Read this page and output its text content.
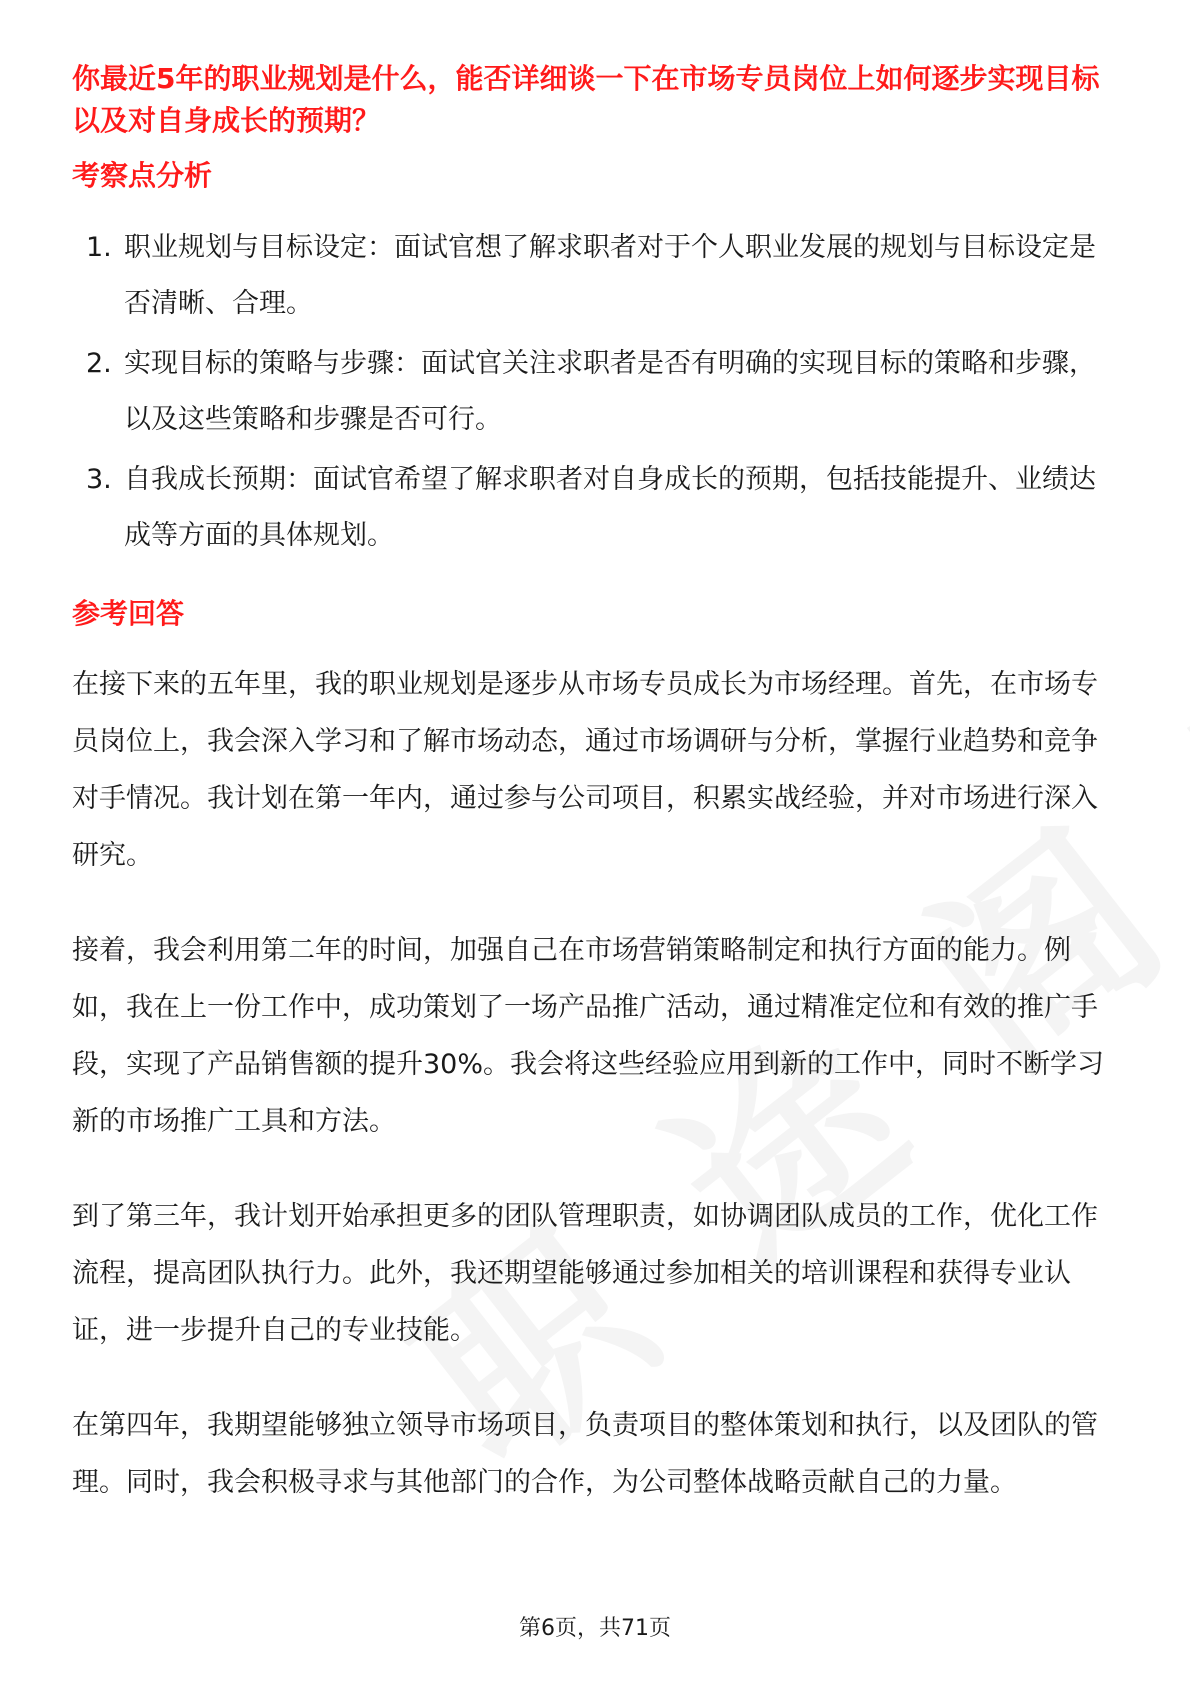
你最近5年的职业规划是什么，能否详细谈一下在市场专员岗位上如何逐步实现目标以及对自身成长的预期？

考察点分析
1. 职业规划与目标设定：面试官想了解求职者对于个人职业发展的规划与目标设定是否清晰、合理。
2. 实现目标的策略与步骤：面试官关注求职者是否有明确的实现目标的策略和步骤，以及这些策略和步骤是否可行。
3. 自我成长预期：面试官希望了解求职者对自身成长的预期，包括技能提升、业绩达成等方面的具体规划。
参考回答

在接下来的五年里，我的职业规划是逐步从市场专员成长为市场经理。首先，在市场专员岗位上，我会深入学习和了解市场动态，通过市场调研与分析，掌握行业趋势和竞争对手情况。我计划在第一年内，通过参与公司项目，积累实战经验，并对市场进行深入研究。

接着，我会利用第二年的时间，加强自己在市场营销策略制定和执行方面的能力。例如，我在上一份工作中，成功策划了一场产品推广活动，通过精准定位和有效的推广手段，实现了产品销售额的提升30%。我会将这些经验应用到新的工作中，同时不断学习新的市场推广工具和方法。

到了第三年，我计划开始承担更多的团队管理职责，如协调团队成员的工作，优化工作流程，提高团队执行力。此外，我还期望能够通过参加相关的培训课程和获得专业认证，进一步提升自己的专业技能。

在第四年，我期望能够独立领导市场项目，负责项目的整体策划和执行，以及团队的管理。同时，我会积极寻求与其他部门的合作，为公司整体战略贡献自己的力量。

第6页，共71页
